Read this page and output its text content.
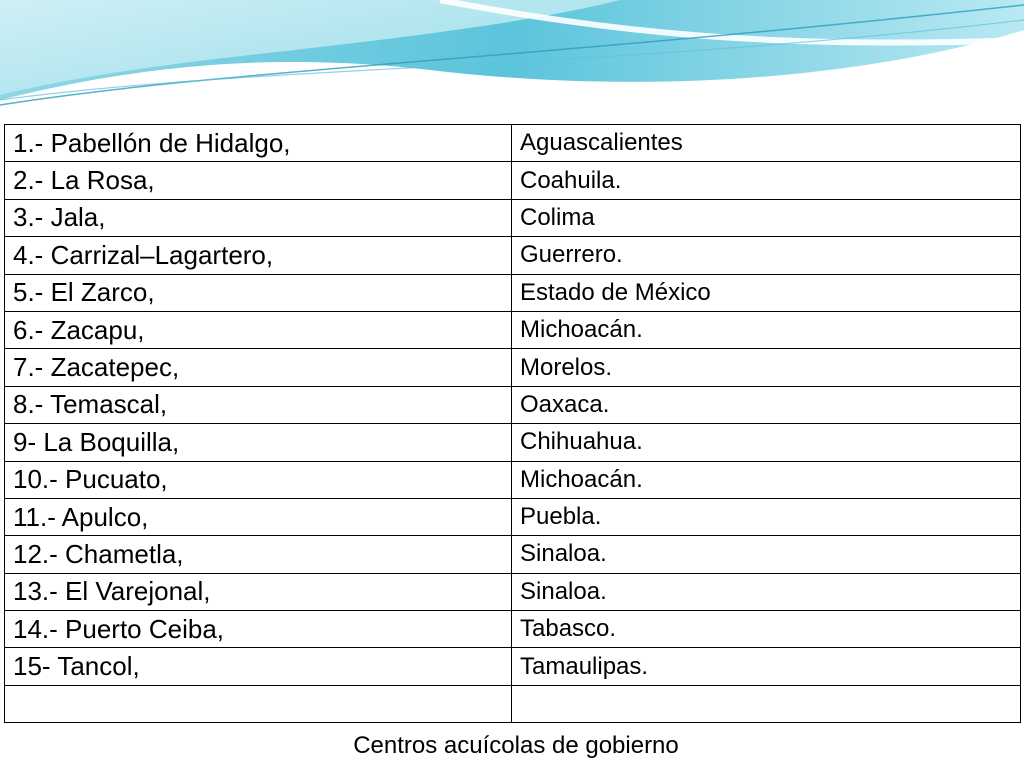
1.- Pabellón de Hidalgo,	Aguascalientes
2.- La Rosa,	Coahuila.
3.- Jala,	Colima
4.- Carrizal–Lagartero,	Guerrero.
5.- El Zarco,	Estado de México
6.- Zacapu,	Michoacán.
7.- Zacatepec,	Morelos.
8.- Temascal,	Oaxaca.
9- La Boquilla,	Chihuahua.
10.- Pucuato,	Michoacán.
11.- Apulco,	Puebla.
12.- Chametla,	Sinaloa.
13.- El Varejonal,	Sinaloa.
14.- Puerto Ceiba,	Tabasco.
15- Tancol,	Tamaulipas.

Centros acuícolas de gobierno
